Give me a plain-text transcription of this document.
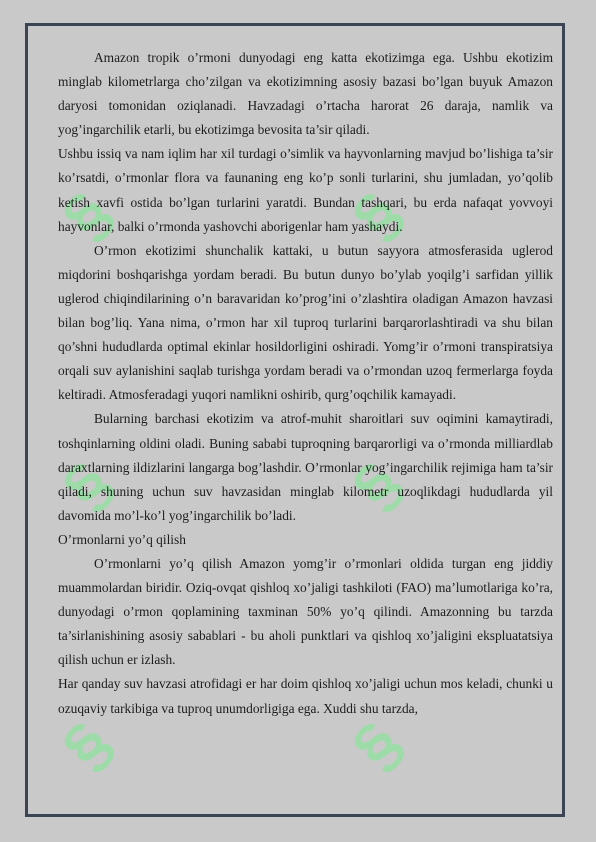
§	§
§	§
§	§

Amazon tropik o’rmoni dunyodagi eng katta ekotizimga ega. Ushbu ekotizim minglab kilometrlarga cho’zilgan va ekotizimning asosiy bazasi bo’lgan buyuk Amazon daryosi tomonidan oziqlanadi. Havzadagi o’rtacha harorat 26 daraja, namlik va yog’ingarchilik etarli, bu ekotizimga bevosita ta’sir qiladi.

Ushbu issiq va nam iqlim har xil turdagi o’simlik va hayvonlarning mavjud bo’lishiga ta’sir ko’rsatdi, o’rmonlar flora va faunaning eng ko’p sonli turlarini, shu jumladan, yo’qolib ketish xavfi ostida bo’lgan turlarini yaratdi. Bundan tashqari, bu erda nafaqat yovvoyi hayvonlar, balki o’rmonda yashovchi aborigenlar ham yashaydi.

O’rmon ekotizimi shunchalik kattaki, u butun sayyora atmosferasida uglerod miqdorini boshqarishga yordam beradi. Bu butun dunyo bo’ylab yoqilg’i sarfidan yillik uglerod chiqindilarining o’n baravaridan ko’prog’ini o’zlashtira oladigan Amazon havzasi bilan bog’liq. Yana nima, o’rmon har xil tuproq turlarini barqarorlashtiradi va shu bilan qo’shni hududlarda optimal ekinlar hosildorligini oshiradi. Yomg’ir o’rmoni transpiratsiya orqali suv aylanishini saqlab turishga yordam beradi va o’rmondan uzoq fermerlarga foyda keltiradi. Atmosferadagi yuqori namlikni oshirib, qurg’oqchilik kamayadi.

Bularning barchasi ekotizim va atrof-muhit sharoitlari suv oqimini kamaytiradi, toshqinlarning oldini oladi. Buning sababi tuproqning barqarorligi va o’rmonda milliardlab daraxtlarning ildizlarini langarga bog’lashdir. O’rmonlar yog’ingarchilik rejimiga ham ta’sir qiladi, shuning uchun suv havzasidan minglab kilometr uzoqlikdagi hududlarda yil davomida mo’l-ko’l yog’ingarchilik bo’ladi.

O’rmonlarni yo’q qilish

O’rmonlarni yo’q qilish Amazon yomg’ir o’rmonlari oldida turgan eng jiddiy muammolardan biridir. Oziq-ovqat qishloq xo’jaligi tashkiloti (FAO) ma’lumotlariga ko’ra, dunyodagi o’rmon qoplamining taxminan 50% yo’q qilindi. Amazonning bu tarzda ta’sirlanishining asosiy sabablari - bu aholi punktlari va qishloq xo’jaligini ekspluatatsiya qilish uchun er izlash.

Har qanday suv havzasi atrofidagi er har doim qishloq xo’jaligi uchun mos keladi, chunki u ozuqaviy tarkibiga va tuproq unumdorligiga ega. Xuddi shu tarzda,
